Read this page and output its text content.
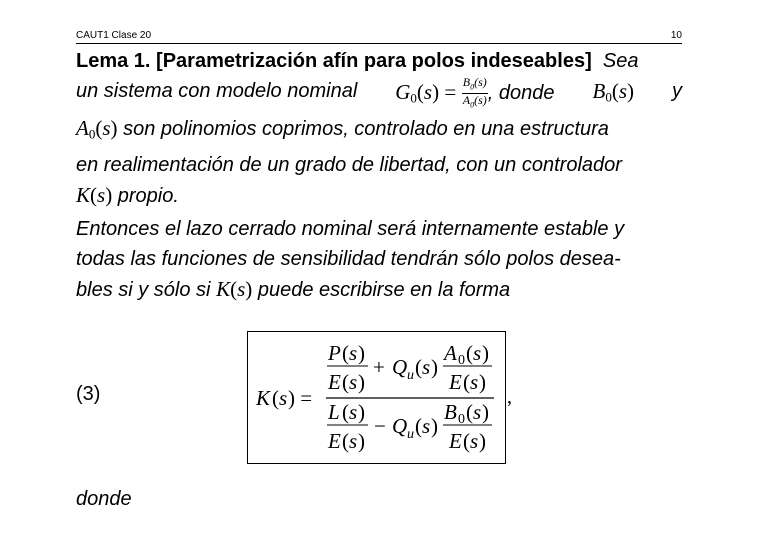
CAUT1 Clase 20	10
Lema 1. [Parametrización afín para polos indeseables] Sea
un sistema con modelo nominal $G_0(s) = \frac{B_0(s)}{A_0(s)}$ , donde $B_0(s)$ y
$A_0(s)$ son polinomios coprimos, controlado en una estructura
en realimentación de un grado de libertad, con un controlador
K(s) propio.
Entonces el lazo cerrado nominal será internamente estable y
todas las funciones de sensibilidad tendrán sólo polos desea-
bles si y sólo si K(s) puede escribirse en la forma
(3)	K ( s ) =
P ( s )
E ( s )
+ Q u ( s )
A 0 ( s )
E ( s )
L ( s )
E ( s )
− Q u ( s )
B 0 ( s )
E ( s )
,
donde
